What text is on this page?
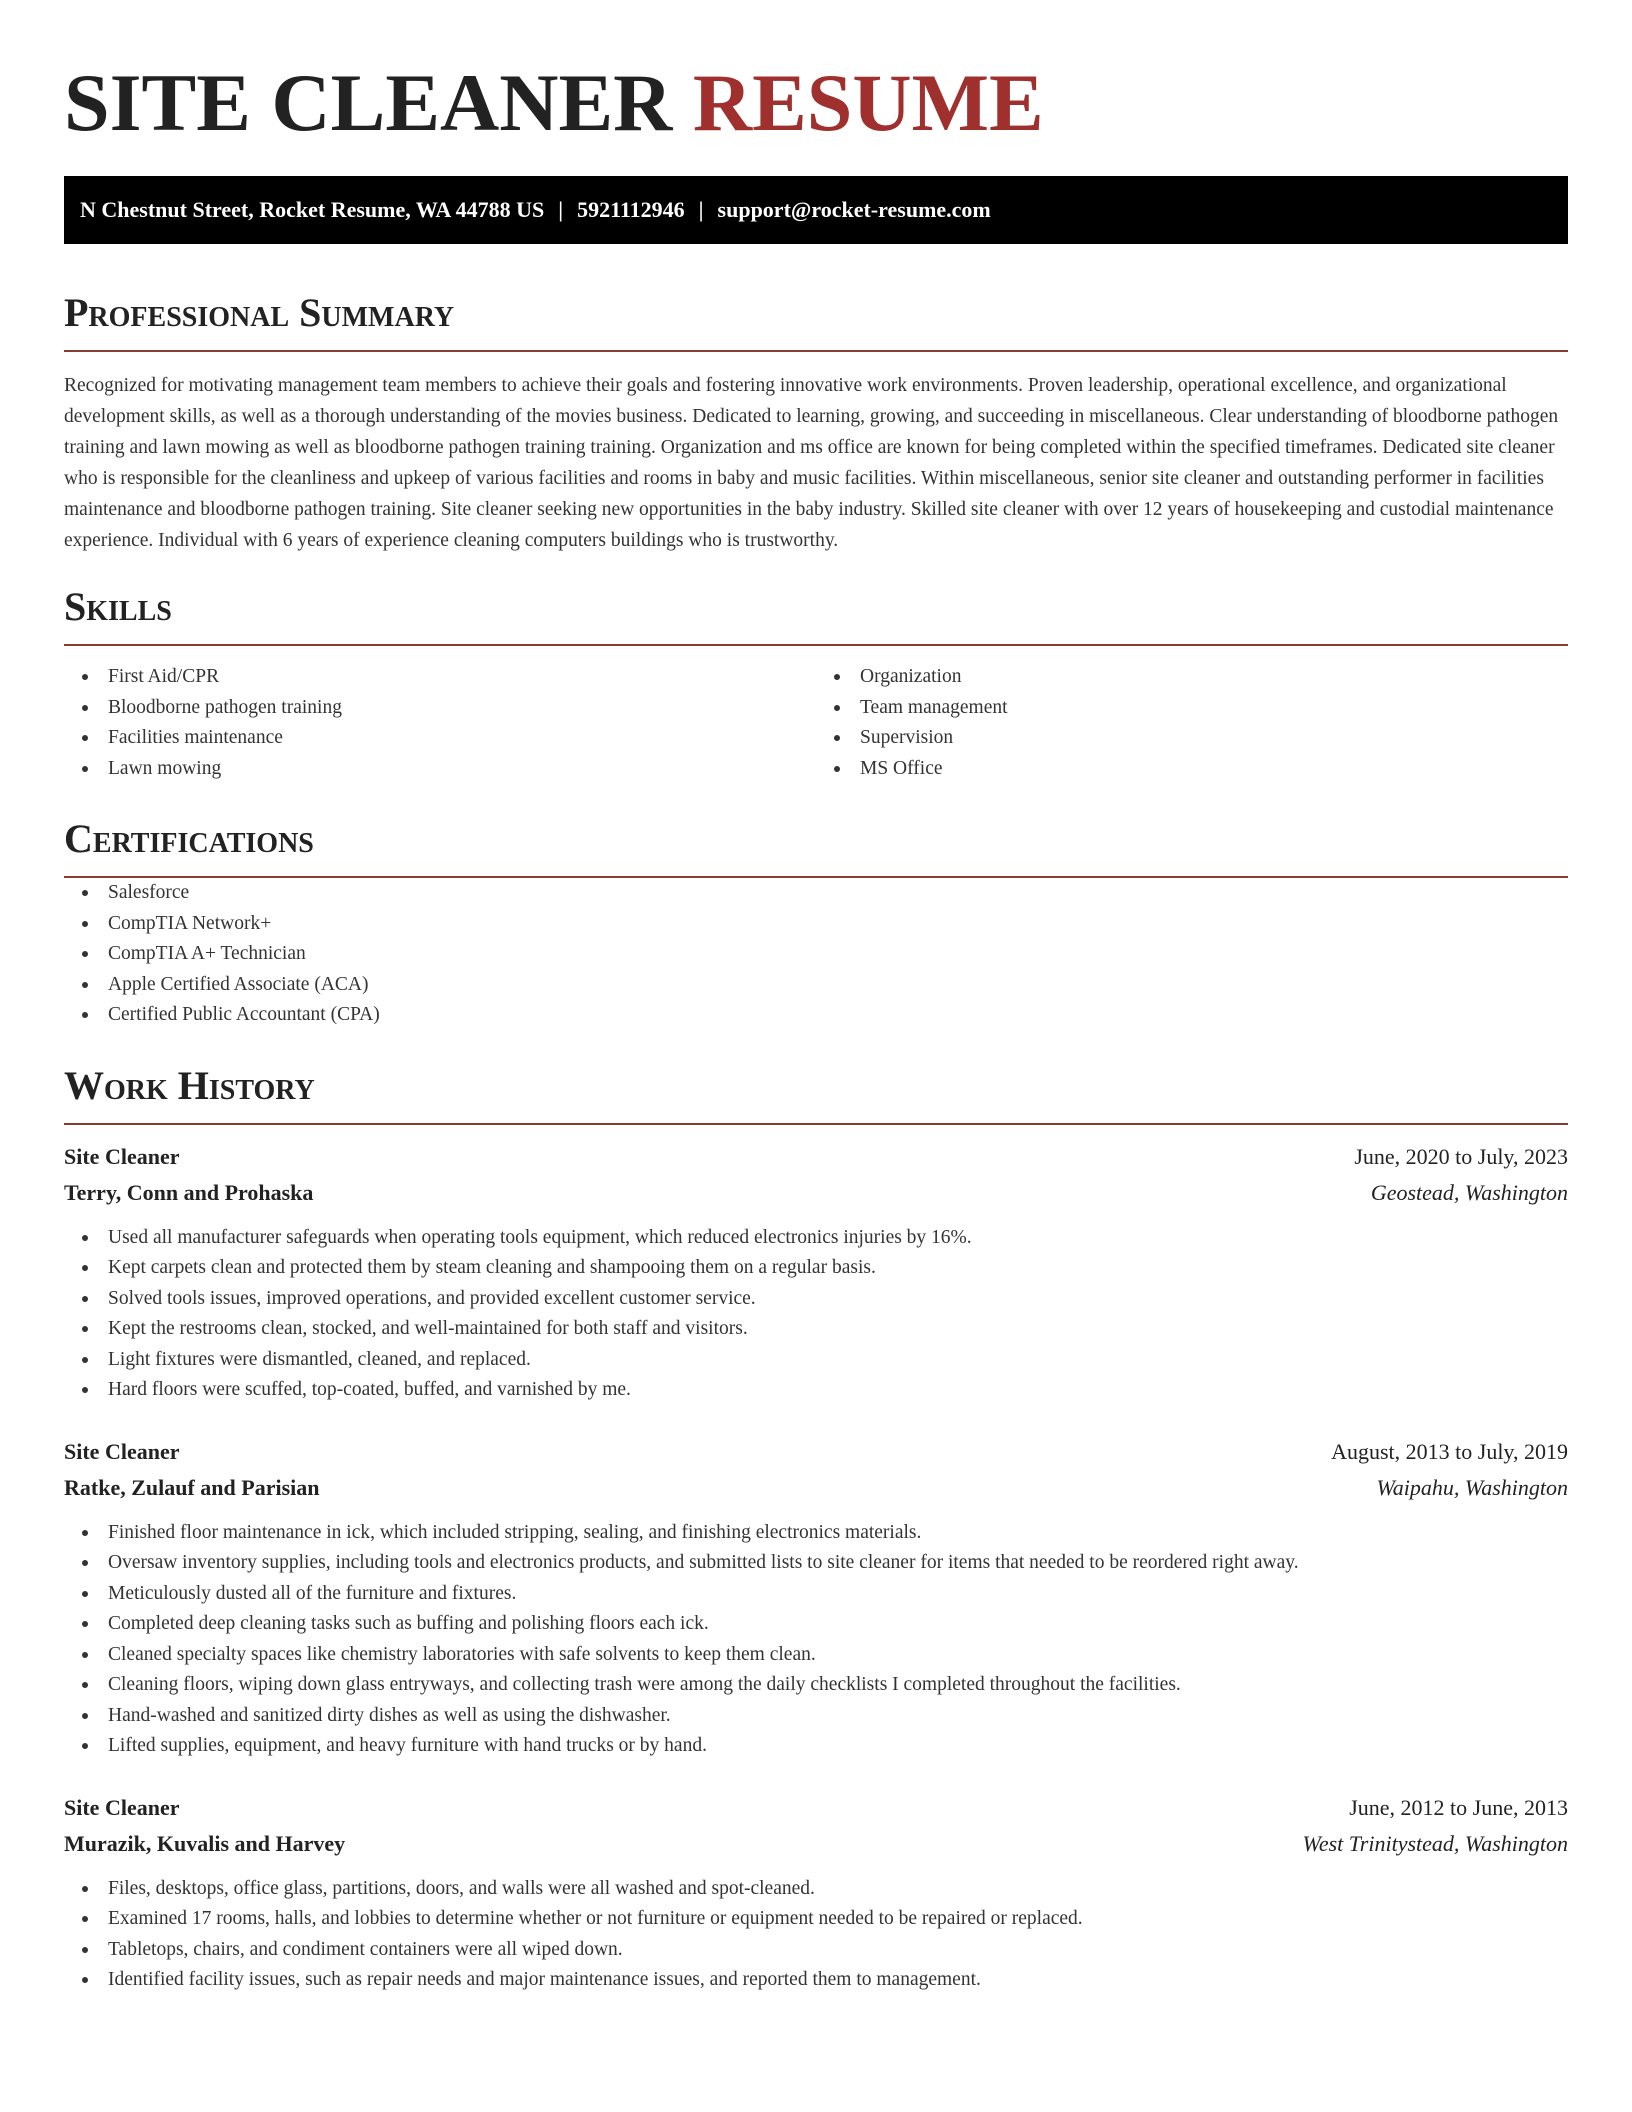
SITE CLEANER RESUME
N Chestnut Street, Rocket Resume, WA 44788 US | 5921112946 | support@rocket-resume.com
Professional Summary

Recognized for motivating management team members to achieve their goals and fostering innovative work environments. Proven leadership, operational excellence, and organizational development skills, as well as a thorough understanding of the movies business. Dedicated to learning, growing, and succeeding in miscellaneous. Clear understanding of bloodborne pathogen training and lawn mowing as well as bloodborne pathogen training training. Organization and ms office are known for being completed within the specified timeframes. Dedicated site cleaner who is responsible for the cleanliness and upkeep of various facilities and rooms in baby and music facilities. Within miscellaneous, senior site cleaner and outstanding performer in facilities maintenance and bloodborne pathogen training. Site cleaner seeking new opportunities in the baby industry. Skilled site cleaner with over 12 years of housekeeping and custodial maintenance experience. Individual with 6 years of experience cleaning computers buildings who is trustworthy.

Skills
First Aid/CPR
Bloodborne pathogen training
Facilities maintenance
Lawn mowing
Organization
Team management
Supervision
MS Office
Certifications
Salesforce
CompTIA Network+
CompTIA A+ Technician
Apple Certified Associate (ACA)
Certified Public Accountant (CPA)
Work History
Site Cleaner	June, 2020 to July, 2023
Terry, Conn and Prohaska	Geostead, Washington
Used all manufacturer safeguards when operating tools equipment, which reduced electronics injuries by 16%.
Kept carpets clean and protected them by steam cleaning and shampooing them on a regular basis.
Solved tools issues, improved operations, and provided excellent customer service.
Kept the restrooms clean, stocked, and well-maintained for both staff and visitors.
Light fixtures were dismantled, cleaned, and replaced.
Hard floors were scuffed, top-coated, buffed, and varnished by me.
Site Cleaner	August, 2013 to July, 2019
Ratke, Zulauf and Parisian	Waipahu, Washington
Finished floor maintenance in ick, which included stripping, sealing, and finishing electronics materials.
Oversaw inventory supplies, including tools and electronics products, and submitted lists to site cleaner for items that needed to be reordered right away.
Meticulously dusted all of the furniture and fixtures.
Completed deep cleaning tasks such as buffing and polishing floors each ick.
Cleaned specialty spaces like chemistry laboratories with safe solvents to keep them clean.
Cleaning floors, wiping down glass entryways, and collecting trash were among the daily checklists I completed throughout the facilities.
Hand-washed and sanitized dirty dishes as well as using the dishwasher.
Lifted supplies, equipment, and heavy furniture with hand trucks or by hand.
Site Cleaner	June, 2012 to June, 2013
Murazik, Kuvalis and Harvey	West Trinitystead, Washington
Files, desktops, office glass, partitions, doors, and walls were all washed and spot-cleaned.
Examined 17 rooms, halls, and lobbies to determine whether or not furniture or equipment needed to be repaired or replaced.
Tabletops, chairs, and condiment containers were all wiped down.
Identified facility issues, such as repair needs and major maintenance issues, and reported them to management.
